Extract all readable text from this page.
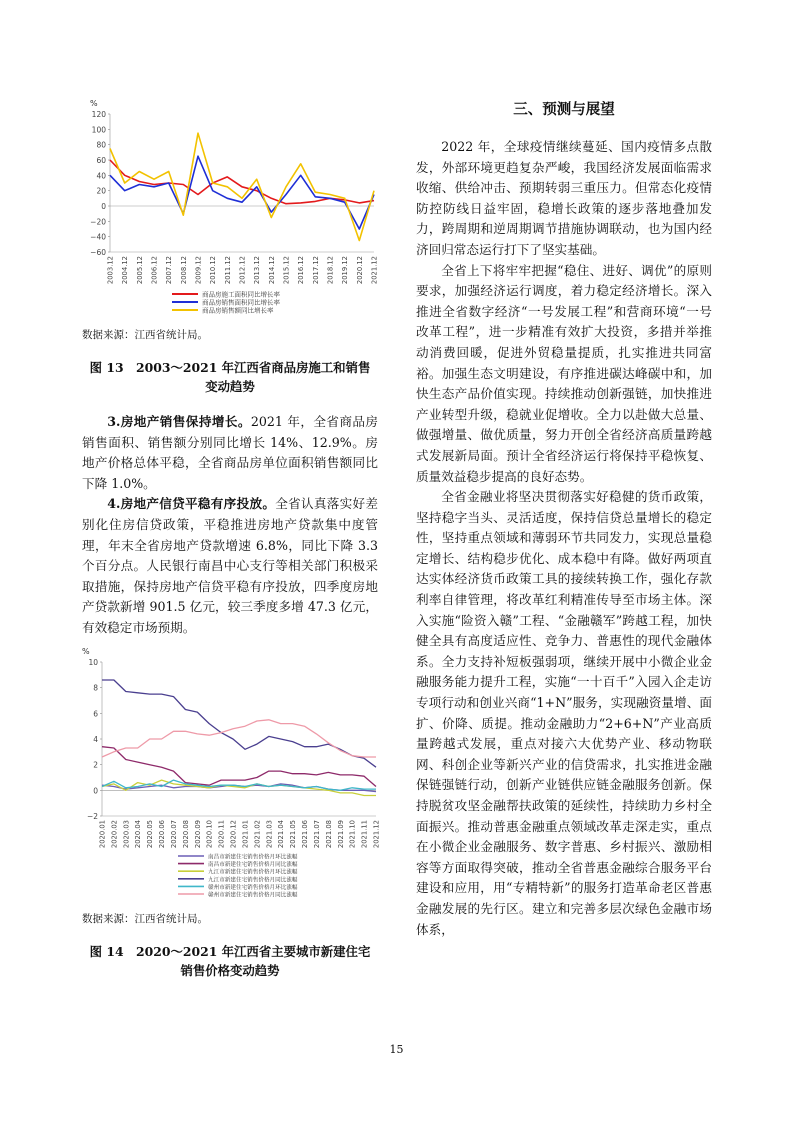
%
120
100
80
60
40
20
0
−20
−40
−60
2003.12 2004.12 2005.12 2006.12 2007.12 2008.12 2009.12 2010.12 2011.12 2012.12 2013.12 2014.12 2015.12 2016.12 2017.12 2018.12 2019.12 2020.12 2021.12
商品房施工面积同比增长率
商品房销售面积同比增长率
商品房销售额同比增长率

数据来源：江西省统计局。

图 13　2003～2021 年江西省商品房施工和销售

变动趋势

3.房地产销售保持增长。2021 年，全省商品房销售面积、销售额分别同比增长 14%、12.9%。房地产价格总体平稳，全省商品房单位面积销售额同比下降 1.0%。

4.房地产信贷平稳有序投放。全省认真落实好差别化住房信贷政策，平稳推进房地产贷款集中度管理，年末全省房地产贷款增速 6.8%，同比下降 3.3 个百分点。人民银行南昌中心支行等相关部门积极采取措施，保持房地产信贷平稳有序投放，四季度房地产贷款新增 901.5 亿元，较三季度多增 47.3 亿元，有效稳定市场预期。

%
10
8
6
4
2
0
−2
2020.01 2020.02 2020.03 2020.04 2020.05 2020.06 2020.07 2020.08 2020.09 2020.10 2020.11 2020.12 2021.01 2021.02 2021.03 2021.04 2021.05 2021.06 2021.07 2021.08 2021.09 2021.10 2021.11 2021.12
南昌市新建住宅销售价格月环比涨幅
南昌市新建住宅销售价格月同比涨幅
九江市新建住宅销售价格月环比涨幅
九江市新建住宅销售价格月同比涨幅
赣州市新建住宅销售价格月环比涨幅
赣州市新建住宅销售价格月同比涨幅

数据来源：江西省统计局。

图 14　2020～2021 年江西省主要城市新建住宅

销售价格变动趋势

三、预测与展望

2022 年，全球疫情继续蔓延、国内疫情多点散发，外部环境更趋复杂严峻，我国经济发展面临需求收缩、供给冲击、预期转弱三重压力。但常态化疫情防控防线日益牢固，稳增长政策的逐步落地叠加发力，跨周期和逆周期调节措施协调联动，也为国内经济回归常态运行打下了坚实基础。

全省上下将牢牢把握“稳住、进好、调优”的原则要求，加强经济运行调度，着力稳定经济增长。深入推进全省数字经济“一号发展工程”和营商环境“一号改革工程”，进一步精准有效扩大投资，多措并举推动消费回暖，促进外贸稳量提质，扎实推进共同富裕。加强生态文明建设，有序推进碳达峰碳中和，加快生态产品价值实现。持续推动创新强链，加快推进产业转型升级，稳就业促增收。全力以赴做大总量、做强增量、做优质量，努力开创全省经济高质量跨越式发展新局面。预计全省经济运行将保持平稳恢复、质量效益稳步提高的良好态势。

全省金融业将坚决贯彻落实好稳健的货币政策，坚持稳字当头、灵活适度，保持信贷总量增长的稳定性，坚持重点领域和薄弱环节共同发力，实现总量稳定增长、结构稳步优化、成本稳中有降。做好两项直达实体经济货币政策工具的接续转换工作，强化存款利率自律管理，将改革红利精准传导至市场主体。深入实施“险资入赣”工程、“金融赣军”跨越工程，加快健全具有高度适应性、竞争力、普惠性的现代金融体系。全力支持补短板强弱项，继续开展中小微企业金融服务能力提升工程，实施“一十百千”入园入企走访专项行动和创业兴商“1+N”服务，实现融资量增、面扩、价降、质提。推动金融助力“2+6+N”产业高质量跨越式发展，重点对接六大优势产业、移动物联网、科创企业等新兴产业的信贷需求，扎实推进金融保链强链行动，创新产业链供应链金融服务创新。保持脱贫攻坚金融帮扶政策的延续性，持续助力乡村全面振兴。推动普惠金融重点领域改革走深走实，重点在小微企业金融服务、数字普惠、乡村振兴、激励相容等方面取得突破，推动全省普惠金融综合服务平台建设和应用，用“专精特新”的服务打造革命老区普惠金融发展的先行区。建立和完善多层次绿色金融市场体系，

15
